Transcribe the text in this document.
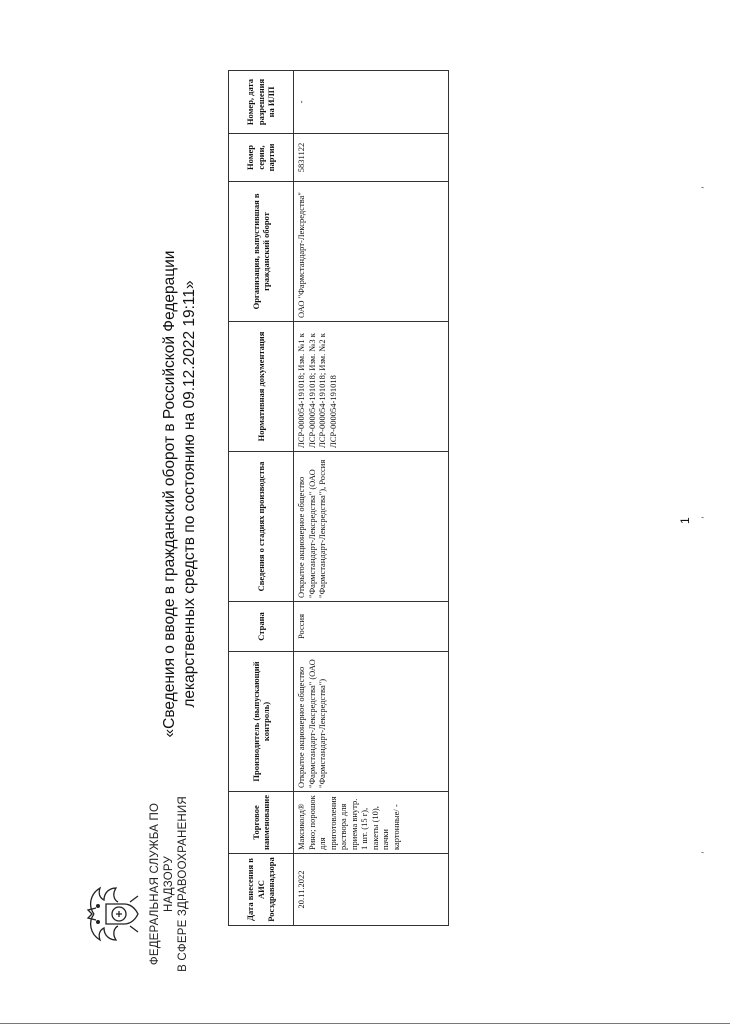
ФЕДЕРАЛЬНАЯ СЛУЖБА ПО НАДЗОРУ В СФЕРЕ ЗДРАВООХРАНЕНИЯ
«Сведения о вводе в гражданский оборот в Российской Федерации лекарственных средств по состоянию на 09.12.2022 19:11»
Дата внесения в АИС Росздравнадзора	Торговое наименование	Производитель (выпускающий контроль)	Страна	Сведения о стадиях производства	Нормативная документация	Организация, выпустившая в гражданский оборот	Номер серии, партии	Номер, дата разрешения на ИЛП
20.11.2022	Максиколд® Рино; порошок для приготовления раствора для приема внутр. 1 шт. (15 г), пакеты (10), пачки картонные/ -	Открытое акционерное общество "Фармстандарт-Лексредства" (ОАО "Фармстандарт-Лексредства")	Россия	Открытое акционерное общество "Фармстандарт-Лексредства" (ОАО "Фармстандарт-Лексредства"), Россия	ЛСР-000054-191018; Изм. №1 к ЛСР-000054-191018; Изм. №3 к ЛСР-000054-191018; Изм. №2 к ЛСР-000054-191018	ОАО "Фармстандарт-Лексредства"	5831122	-
1
’
’
’
